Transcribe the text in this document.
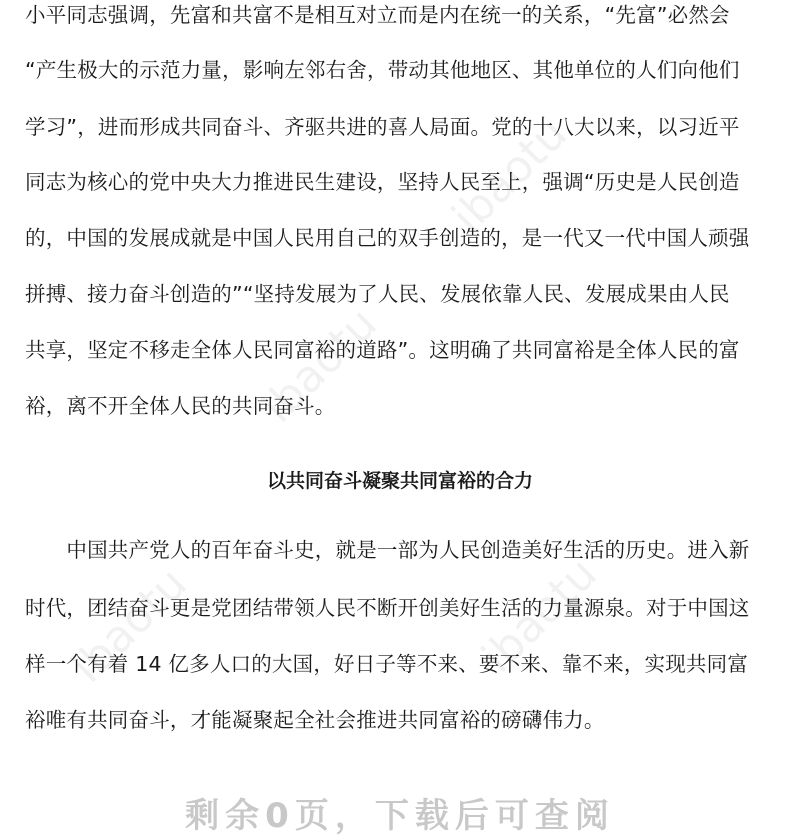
ibaotu
ibaotu
ibaotu
ibaotu
小平同志强调，先富和共富不是相互对立而是内在统一的关系，“先富”必然会
“产生极大的示范力量，影响左邻右舍，带动其他地区、其他单位的人们向他们
学习”，进而形成共同奋斗、齐驱共进的喜人局面。党的十八大以来，以习近平
同志为核心的党中央大力推进民生建设，坚持人民至上，强调“历史是人民创造
的，中国的发展成就是中国人民用自己的双手创造的，是一代又一代中国人顽强
拼搏、接力奋斗创造的”“坚持发展为了人民、发展依靠人民、发展成果由人民
共享，坚定不移走全体人民同富裕的道路”。这明确了共同富裕是全体人民的富
裕，离不开全体人民的共同奋斗。
以共同奋斗凝聚共同富裕的合力
　　中国共产党人的百年奋斗史，就是一部为人民创造美好生活的历史。进入新
时代，团结奋斗更是党团结带领人民不断开创美好生活的力量源泉。对于中国这
样一个有着 14 亿多人口的大国，好日子等不来、要不来、靠不来，实现共同富
裕唯有共同奋斗，才能凝聚起全社会推进共同富裕的磅礴伟力。
剩余0页，下载后可查阅
